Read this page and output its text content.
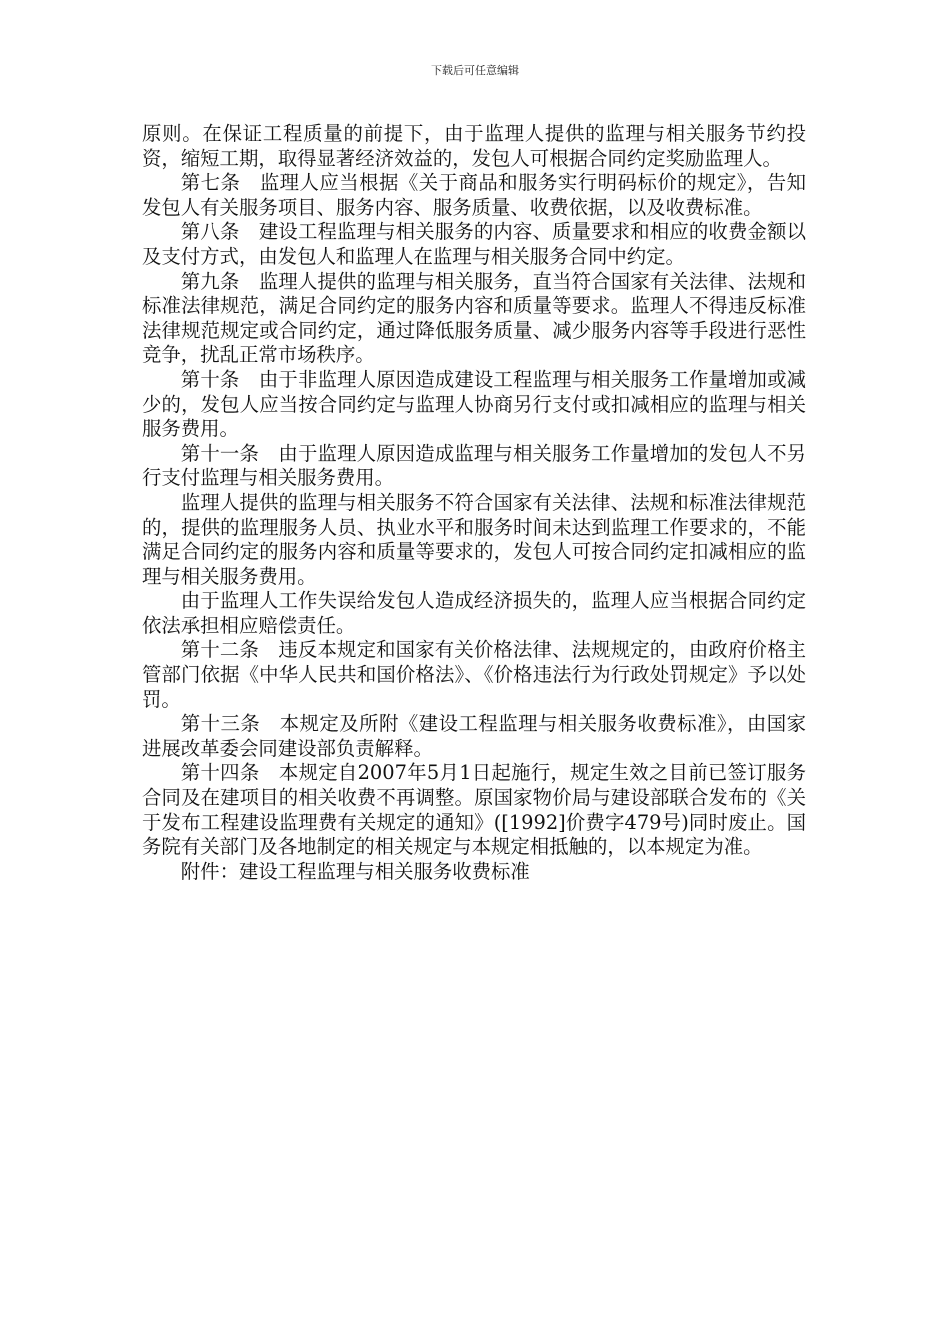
下载后可任意编辑

原则。在保证工程质量的前提下，由于监理人提供的监理与相关服务节约投资，缩短工期，取得显著经济效益的，发包人可根据合同约定奖励监理人。

第七条 监理人应当根据《关于商品和服务实行明码标价的规定》，告知发包人有关服务项目、服务内容、服务质量、收费依据，以及收费标准。

第八条 建设工程监理与相关服务的内容、质量要求和相应的收费金额以及支付方式，由发包人和监理人在监理与相关服务合同中约定。

第九条 监理人提供的监理与相关服务，直当符合国家有关法律、法规和标准法律规范，满足合同约定的服务内容和质量等要求。监理人不得违反标准法律规范规定或合同约定，通过降低服务质量、减少服务内容等手段进行恶性竞争，扰乱正常市场秩序。

第十条 由于非监理人原因造成建设工程监理与相关服务工作量增加或减少的，发包人应当按合同约定与监理人协商另行支付或扣减相应的监理与相关服务费用。

第十一条 由于监理人原因造成监理与相关服务工作量增加的发包人不另行支付监理与相关服务费用。

监理人提供的监理与相关服务不符合国家有关法律、法规和标准法律规范的，提供的监理服务人员、执业水平和服务时间未达到监理工作要求的，不能满足合同约定的服务内容和质量等要求的，发包人可按合同约定扣减相应的监理与相关服务费用。

由于监理人工作失误给发包人造成经济损失的，监理人应当根据合同约定依法承担相应赔偿责任。

第十二条 违反本规定和国家有关价格法律、法规规定的，由政府价格主管部门依据《中华人民共和国价格法》、《价格违法行为行政处罚规定》予以处罚。

第十三条 本规定及所附《建设工程监理与相关服务收费标准》，由国家进展改革委会同建设部负责解释。

第十四条 本规定自2007年5月1日起施行，规定生效之目前已签订服务合同及在建项目的相关收费不再调整。原国家物价局与建设部联合发布的《关于发布工程建设监理费有关规定的通知》([1992]价费字479号)同时废止。国务院有关部门及各地制定的相关规定与本规定相抵触的，以本规定为准。

附件：建设工程监理与相关服务收费标准
